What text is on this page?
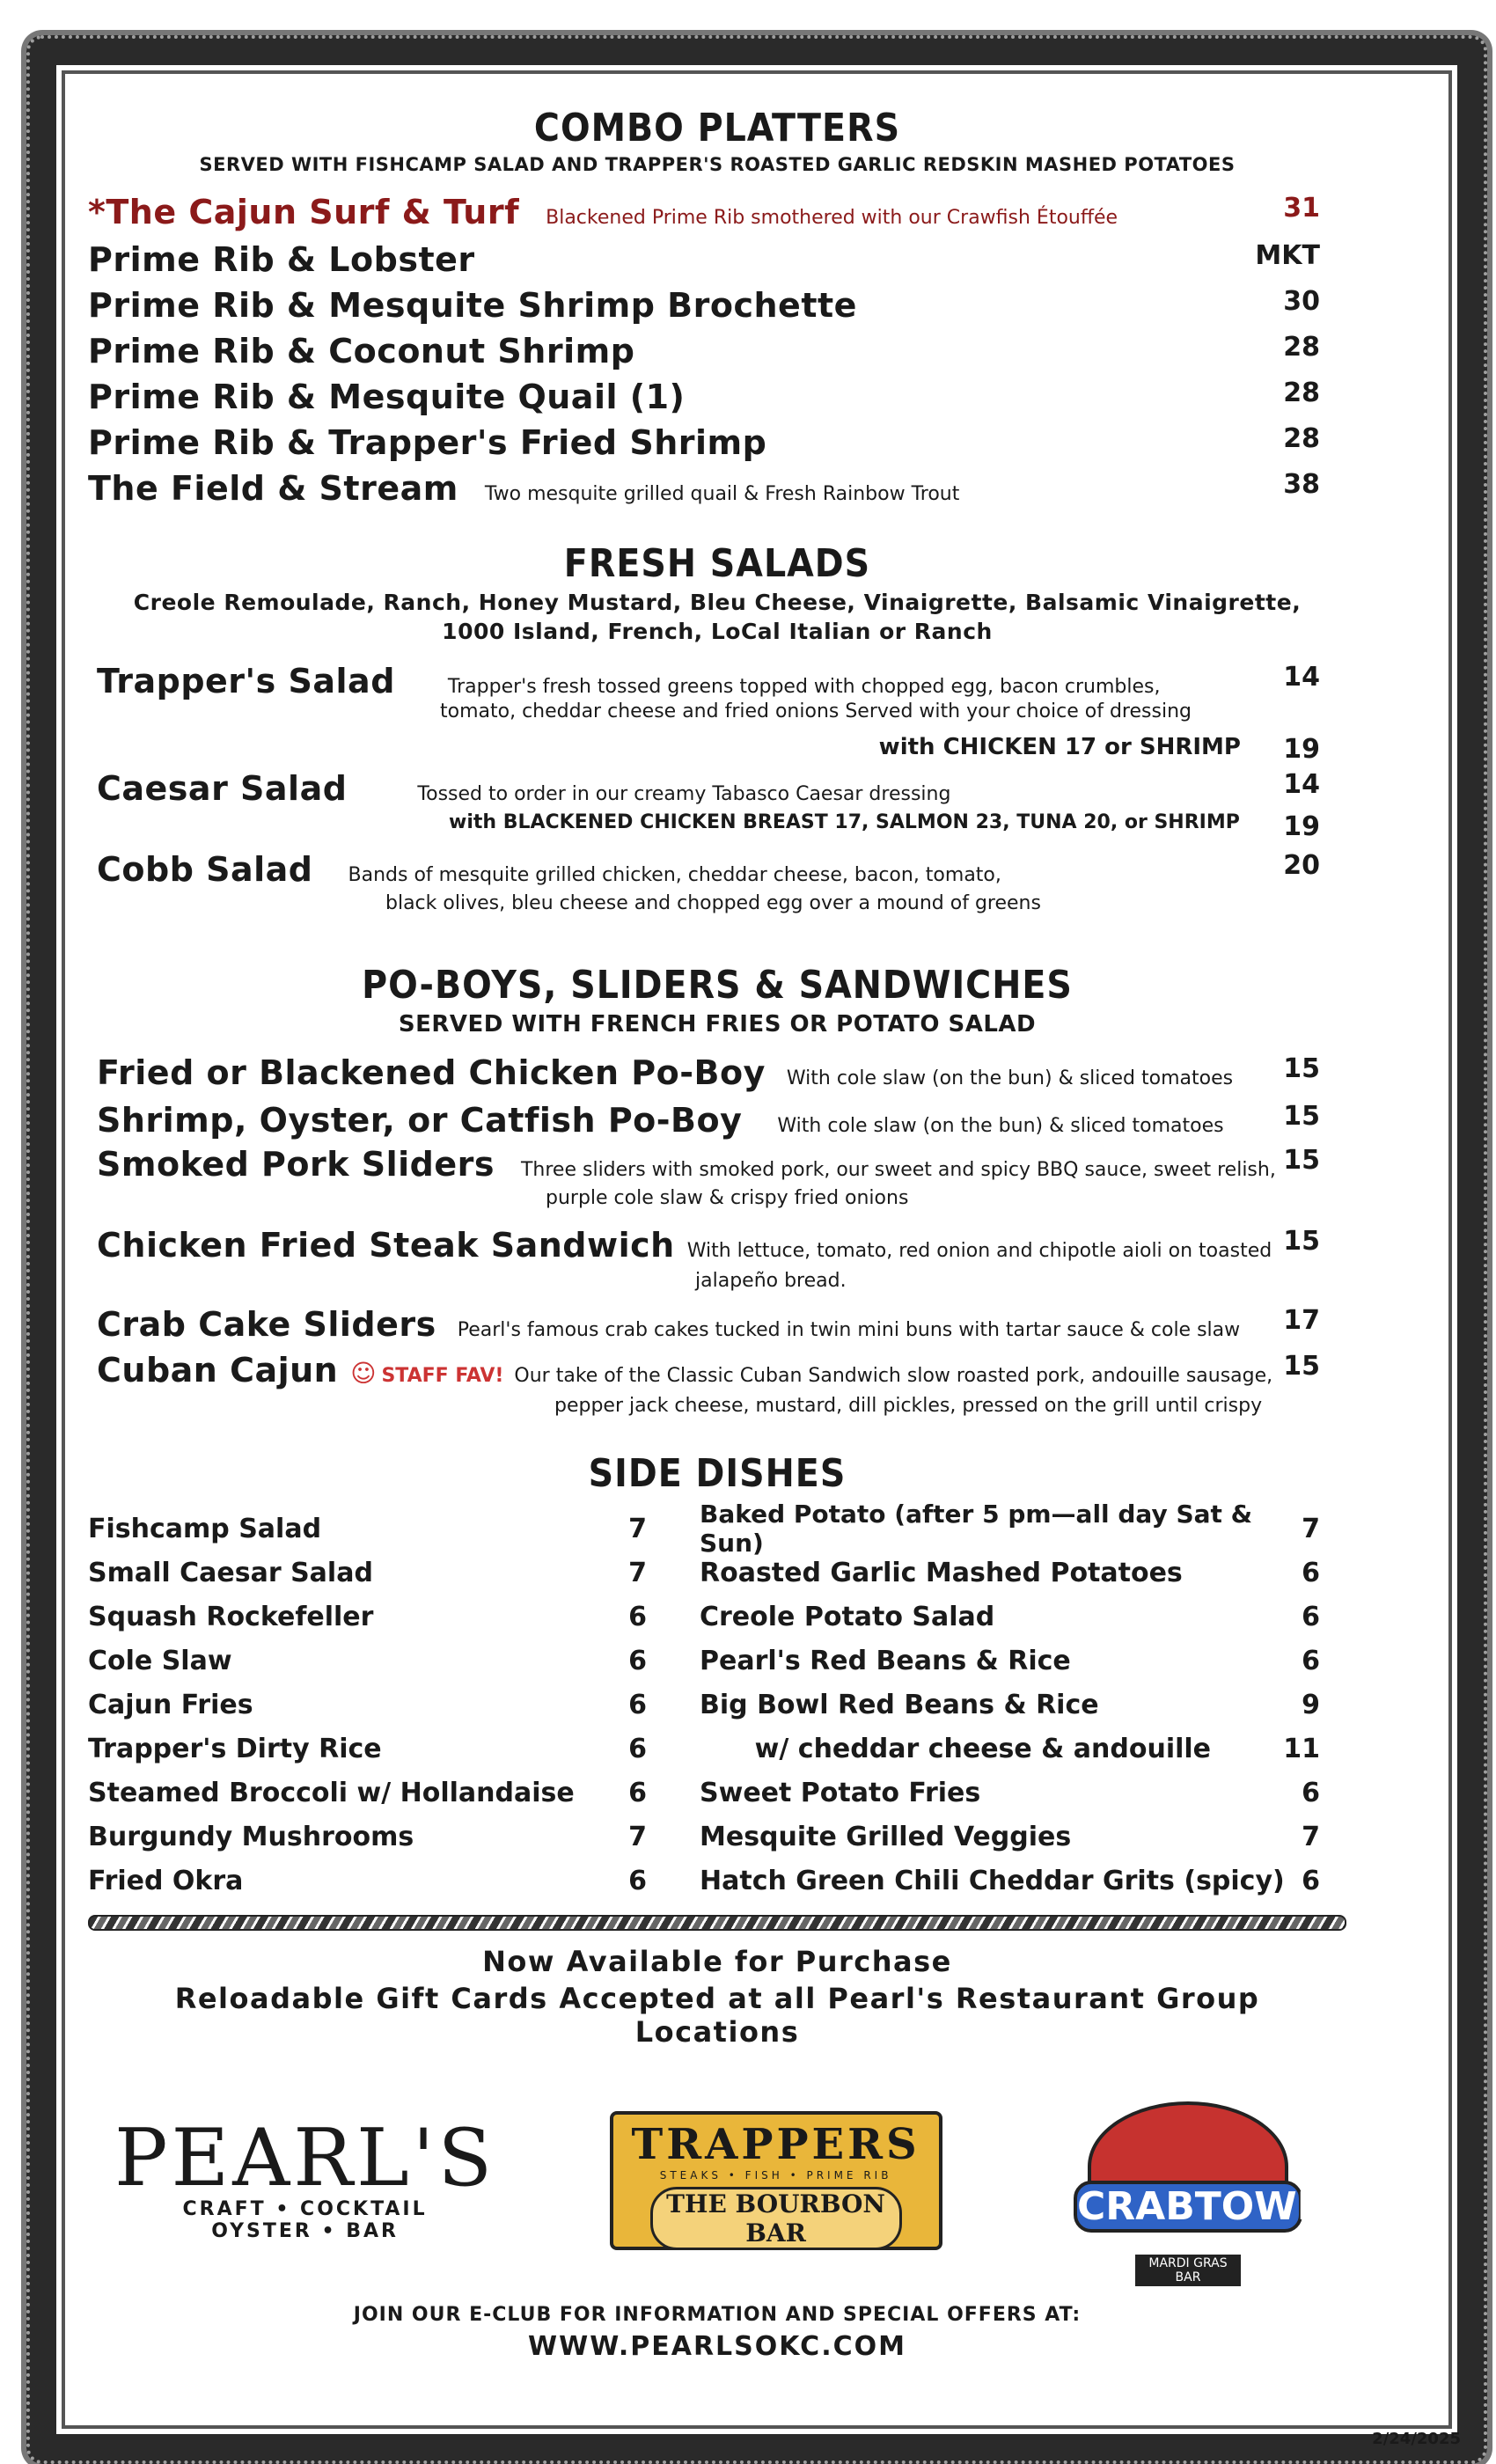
COMBO PLATTERS
SERVED WITH FISHCAMP SALAD AND TRAPPER'S ROASTED GARLIC REDSKIN MASHED POTATOES
*The Cajun Surf & Turf Blackened Prime Rib smothered with our Crawfish Étouffée	31
Prime Rib & Lobster	MKT
Prime Rib & Mesquite Shrimp Brochette	30
Prime Rib & Coconut Shrimp	28
Prime Rib & Mesquite Quail (1)	28
Prime Rib & Trapper's Fried Shrimp	28
The Field & Stream Two mesquite grilled quail & Fresh Rainbow Trout	38
FRESH SALADS
Creole Remoulade, Ranch, Honey Mustard, Bleu Cheese, Vinaigrette, Balsamic Vinaigrette,
1000 Island, French, LoCal Italian or Ranch
Trapper's Salad	Trapper's fresh tossed greens topped with chopped egg, bacon crumbles,	14
tomato, cheddar cheese and fried onions Served with your choice of dressing
with CHICKEN 17 or SHRIMP 19
Caesar Salad	Tossed to order in our creamy Tabasco Caesar dressing	14
with BLACKENED CHICKEN BREAST 17, SALMON 23, TUNA 20, or SHRIMP 19
Cobb Salad Bands of mesquite grilled chicken, cheddar cheese, bacon, tomato,	20
black olives, bleu cheese and chopped egg over a mound of greens
PO-BOYS, SLIDERS & SANDWICHES
SERVED WITH FRENCH FRIES OR POTATO SALAD
Fried or Blackened Chicken Po-Boy With cole slaw (on the bun) & sliced tomatoes 15
Shrimp, Oyster, or Catfish Po-Boy With cole slaw (on the bun) & sliced tomatoes 15
Smoked Pork Sliders Three sliders with smoked pork, our sweet and spicy BBQ sauce, sweet relish, 15
purple cole slaw & crispy fried onions
Chicken Fried Steak Sandwich With lettuce, tomato, red onion and chipotle aioli on toasted 15
jalapeño bread.
Crab Cake Sliders Pearl's famous crab cakes tucked in twin mini buns with tartar sauce & cole slaw 17
Cuban Cajun ☺ STAFF FAV! Our take of the Classic Cuban Sandwich slow roasted pork, andouille sausage, 15
pepper jack cheese, mustard, dill pickles, pressed on the grill until crispy
SIDE DISHES
Fishcamp Salad	7
Small Caesar Salad	7
Squash Rockefeller	6
Cole Slaw	6
Cajun Fries	6
Trapper's Dirty Rice	6
Steamed Broccoli w/ Hollandaise 6
Burgundy Mushrooms	7
Fried Okra	6
Baked Potato (after 5 pm—all day Sat & Sun)	7
Roasted Garlic Mashed Potatoes	6
Creole Potato Salad	6
Pearl's Red Beans & Rice	6
Big Bowl Red Beans & Rice	9
w/ cheddar cheese & andouille	11
Sweet Potato Fries	6
Mesquite Grilled Veggies	7
Hatch Green Chili Cheddar Grits (spicy) 6
Now Available for Purchase
Reloadable Gift Cards Accepted at all Pearl's Restaurant Group Locations
PEARL'S
CRAFT • COCKTAIL
OYSTER • BAR
TRAPPERS
STEAKS • FISH • PRIME RIB
THE BOURBON BAR
CRABTOWN
MARDI GRAS BAR
JOIN OUR E-CLUB FOR INFORMATION AND SPECIAL OFFERS AT:
WWW.PEARLSOKC.COM
2/24/2025
